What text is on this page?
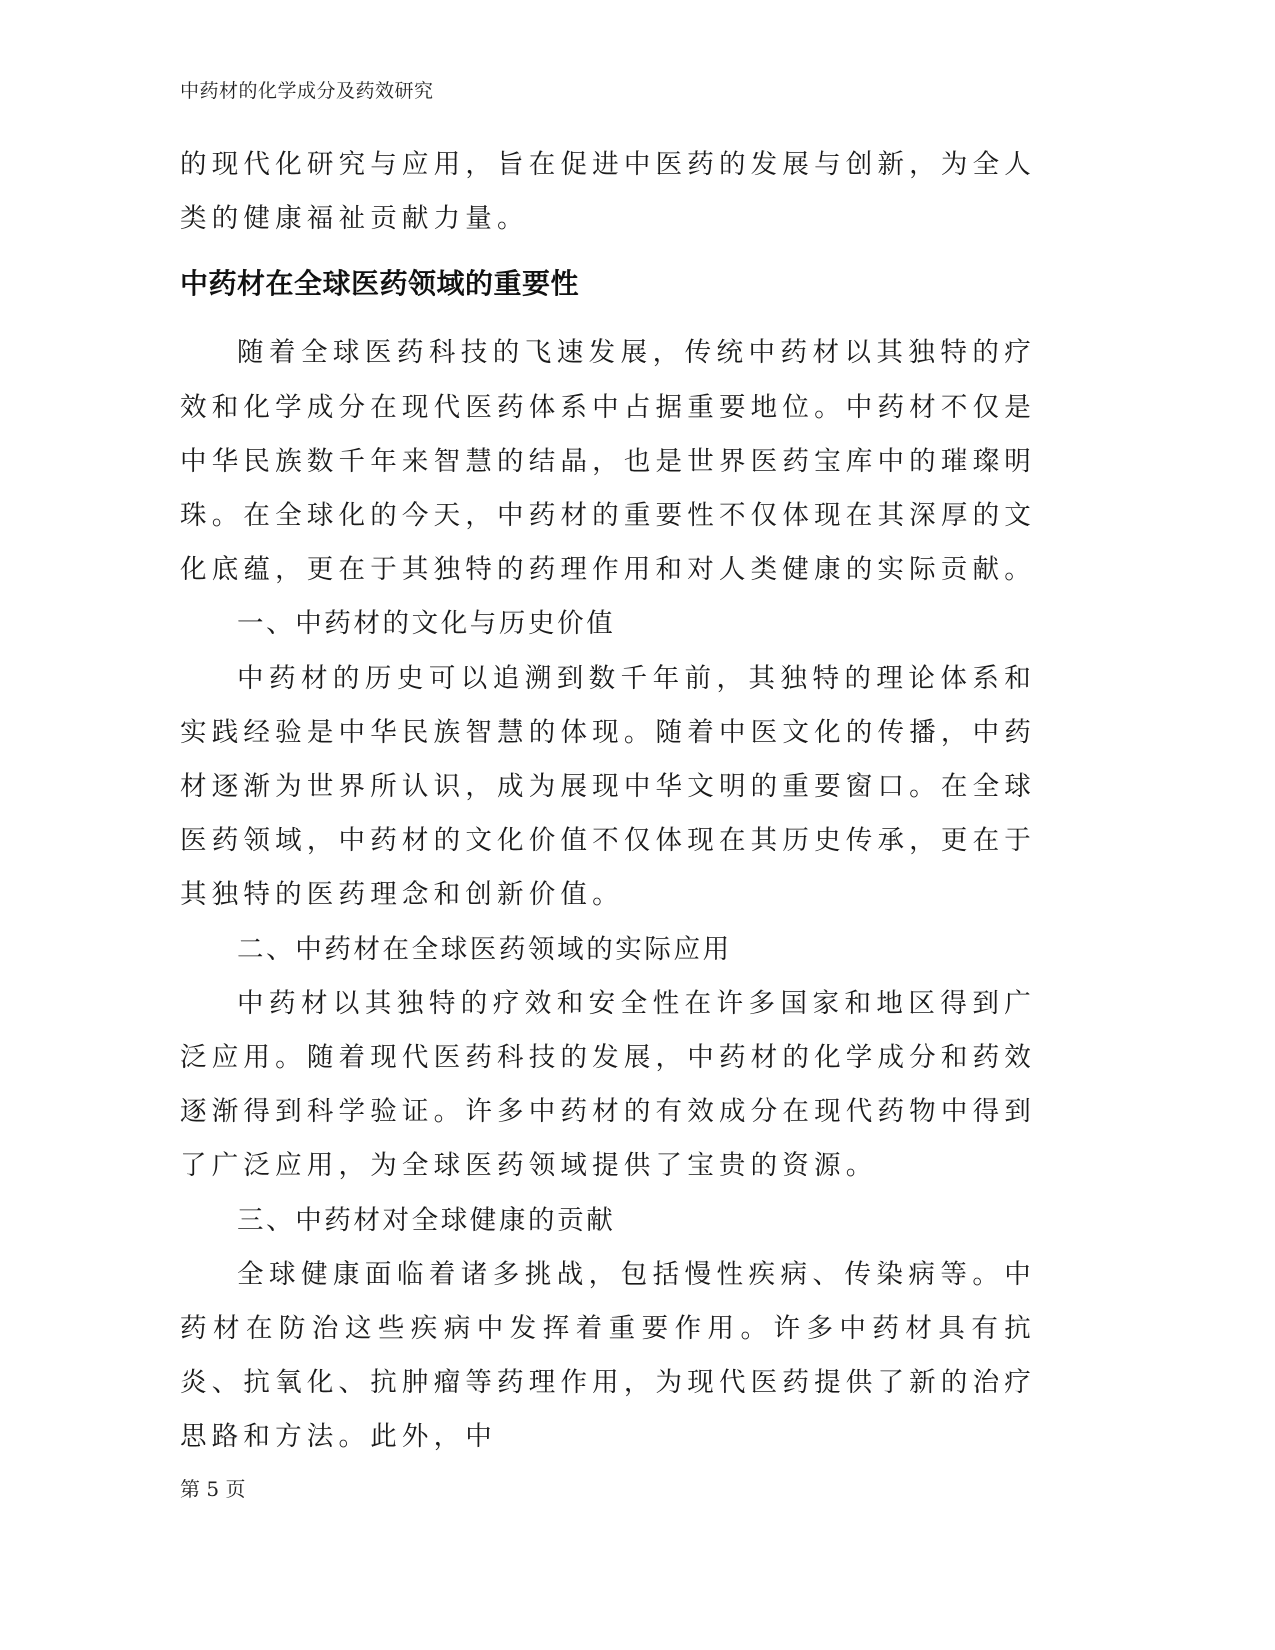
中药材的化学成分及药效研究

的现代化研究与应用，旨在促进中医药的发展与创新，为全人类的健康福祉贡献力量。

中药材在全球医药领域的重要性

随着全球医药科技的飞速发展，传统中药材以其独特的疗效和化学成分在现代医药体系中占据重要地位。中药材不仅是中华民族数千年来智慧的结晶，也是世界医药宝库中的璀璨明珠。在全球化的今天，中药材的重要性不仅体现在其深厚的文化底蕴，更在于其独特的药理作用和对人类健康的实际贡献。

一、中药材的文化与历史价值

中药材的历史可以追溯到数千年前，其独特的理论体系和实践经验是中华民族智慧的体现。随着中医文化的传播，中药材逐渐为世界所认识，成为展现中华文明的重要窗口。在全球医药领域，中药材的文化价值不仅体现在其历史传承，更在于其独特的医药理念和创新价值。

二、中药材在全球医药领域的实际应用

中药材以其独特的疗效和安全性在许多国家和地区得到广泛应用。随着现代医药科技的发展，中药材的化学成分和药效逐渐得到科学验证。许多中药材的有效成分在现代药物中得到了广泛应用，为全球医药领域提供了宝贵的资源。

三、中药材对全球健康的贡献

全球健康面临着诸多挑战，包括慢性疾病、传染病等。中药材在防治这些疾病中发挥着重要作用。许多中药材具有抗炎、抗氧化、抗肿瘤等药理作用，为现代医药提供了新的治疗思路和方法。此外，中

第 5 页
